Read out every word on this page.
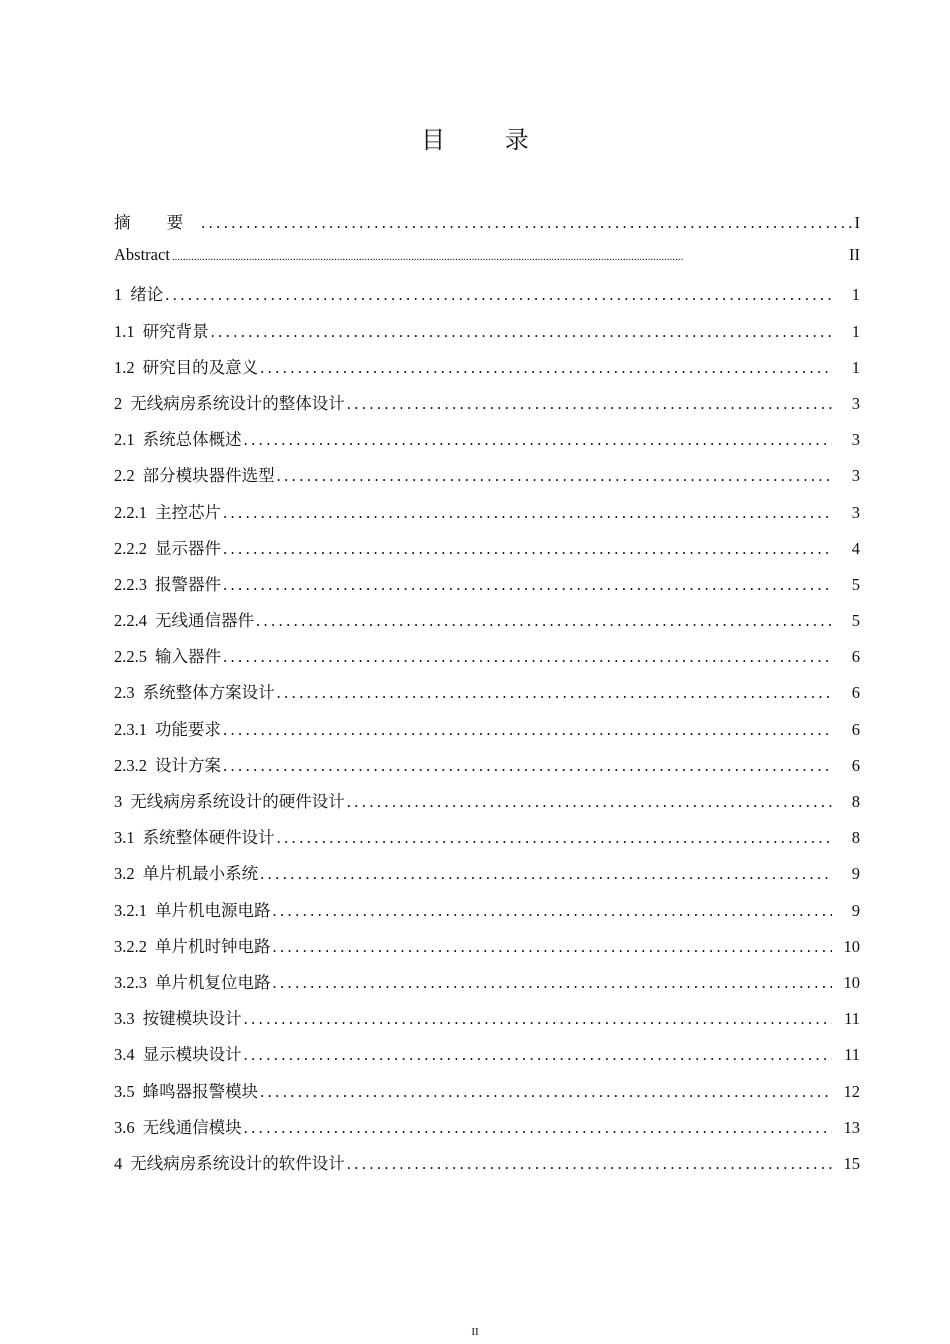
目 录
摘 要 .....	I
Abstract .....	II
1 绪论 .....	1
1.1 研究背景 .....	1
1.2 研究目的及意义 .....	1
2 无线病房系统设计的整体设计 .....	3
2.1 系统总体概述 .....	3
2.2 部分模块器件选型 .....	3
2.2.1 主控芯片 .....	3
2.2.2 显示器件 .....	4
2.2.3 报警器件 .....	5
2.2.4 无线通信器件 .....	5
2.2.5 输入器件 .....	6
2.3 系统整体方案设计 .....	6
2.3.1 功能要求 .....	6
2.3.2 设计方案 .....	6
3 无线病房系统设计的硬件设计 .....	8
3.1 系统整体硬件设计 .....	8
3.2 单片机最小系统 .....	9
3.2.1 单片机电源电路 .....	9
3.2.2 单片机时钟电路 .....	10
3.2.3 单片机复位电路 .....	10
3.3 按键模块设计 .....	11
3.4 显示模块设计 .....	11
3.5 蜂鸣器报警模块 .....	12
3.6 无线通信模块 .....	13
4 无线病房系统设计的软件设计 .....	15
II
